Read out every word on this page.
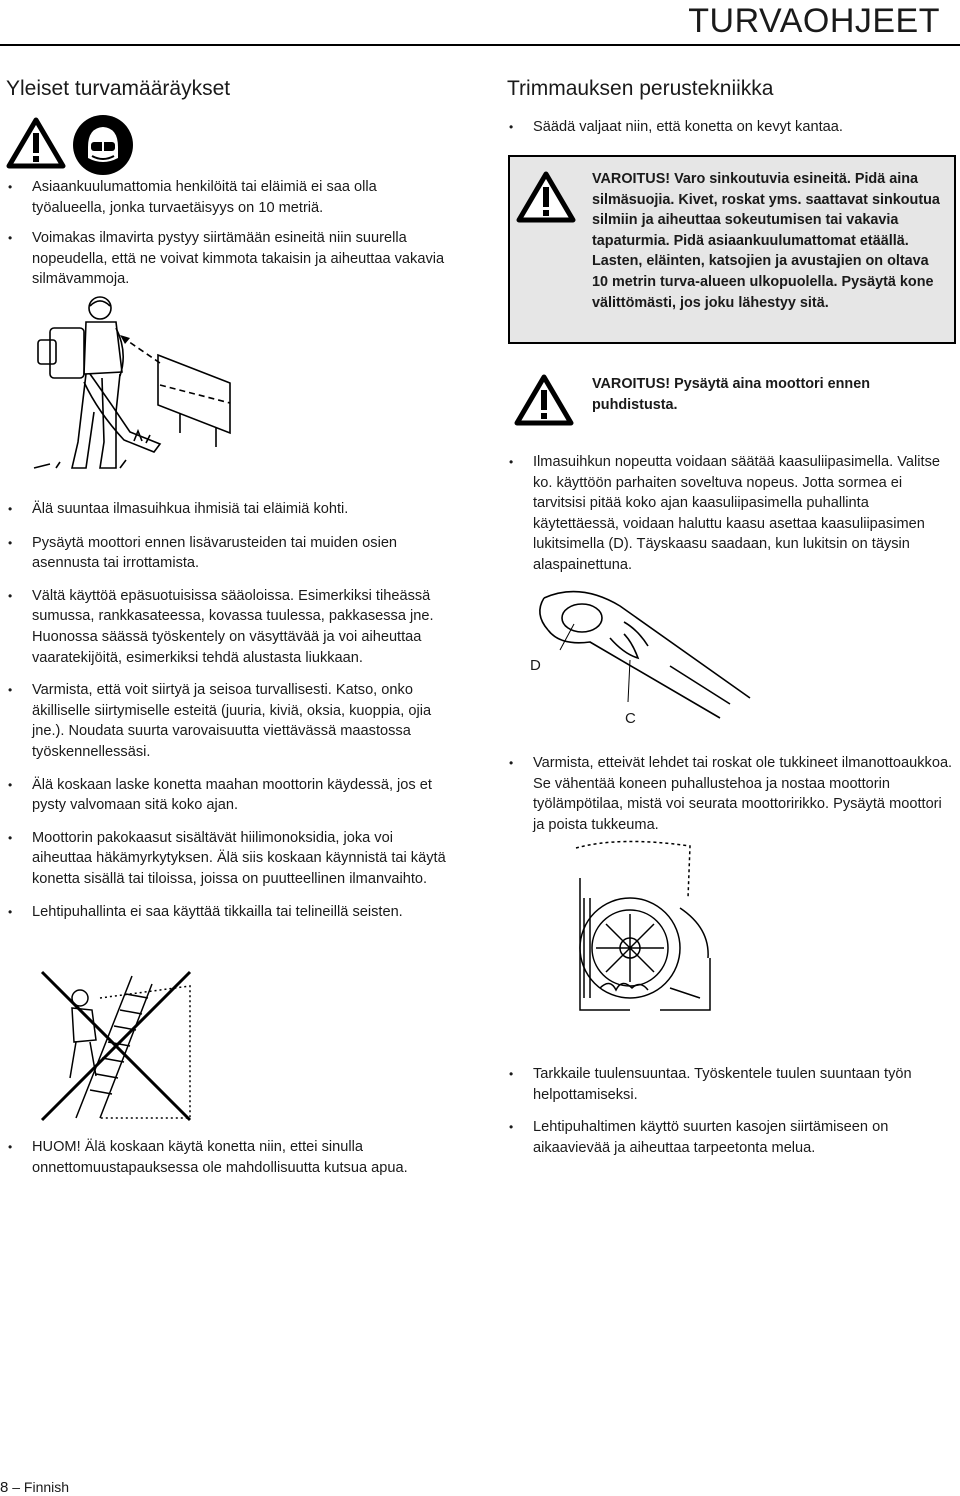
TURVAOHJEET
Yleiset turvamääräykset
• Asiaankuulumattomia henkilöitä tai eläimiä ei saa olla työalueella, jonka turvaetäisyys on 10 metriä.
• Voimakas ilmavirta pystyy siirtämään esineitä niin suurella nopeudella, että ne voivat kimmota takaisin ja aiheuttaa vakavia silmävammoja.
• Älä suuntaa ilmasuihkua ihmisiä tai eläimiä kohti.
• Pysäytä moottori ennen lisävarusteiden tai muiden osien asennusta tai irrottamista.
• Vältä käyttöä epäsuotuisissa sääoloissa. Esimerkiksi tiheässä sumussa, rankkasateessa, kovassa tuulessa, pakkasessa jne. Huonossa säässä työskentely on väsyttävää ja voi aiheuttaa vaaratekijöitä, esimerkiksi tehdä alustasta liukkaan.
• Varmista, että voit siirtyä ja seisoa turvallisesti. Katso, onko äkilliselle siirtymiselle esteitä (juuria, kiviä, oksia, kuoppia, ojia jne.). Noudata suurta varovaisuutta viettävässä maastossa työskennellessäsi.
• Älä koskaan laske konetta maahan moottorin käydessä, jos et pysty valvomaan sitä koko ajan.
• Moottorin pakokaasut sisältävät hiilimonoksidia, joka voi aiheuttaa häkämyrkytyksen. Älä siis koskaan käynnistä tai käytä konetta sisällä tai tiloissa, joissa on puutteellinen ilmanvaihto.
• Lehtipuhallinta ei saa käyttää tikkailla tai telineillä seisten.
• HUOM! Älä koskaan käytä konetta niin, ettei sinulla onnettomuustapauksessa ole mahdollisuutta kutsua apua.
Trimmauksen perustekniikka
• Säädä valjaat niin, että konetta on kevyt kantaa.
VAROITUS! Varo sinkoutuvia esineitä. Pidä aina silmäsuojia. Kivet, roskat yms. saattavat sinkoutua silmiin ja aiheuttaa sokeutumisen tai vakavia tapaturmia. Pidä asiaankuulumattomat etäällä. Lasten, eläinten, katsojien ja avustajien on oltava 10 metrin turva-alueen ulkopuolella. Pysäytä kone välittömästi, jos joku lähestyy sitä.
VAROITUS! Pysäytä aina moottori ennen puhdistusta.
• Ilmasuihkun nopeutta voidaan säätää kaasuliipasimella. Valitse ko. käyttöön parhaiten soveltuva nopeus. Jotta sormea ei tarvitsisi pitää koko ajan kaasuliipasimella puhallinta käytettäessä, voidaan haluttu kaasu asettaa kaasuliipasimen lukitsimella (D). Täyskaasu saadaan, kun lukitsin on täysin alaspainettuna.
D
C
• Varmista, etteivät lehdet tai roskat ole tukkineet ilmanottoaukkoa. Se vähentää koneen puhallustehoa ja nostaa moottorin työlämpötilaa, mistä voi seurata moottoririkko. Pysäytä moottori ja poista tukkeuma.
• Tarkkaile tuulensuuntaa. Työskentele tuulen suuntaan työn helpottamiseksi.
• Lehtipuhaltimen käyttö suurten kasojen siirtämiseen on aikaavievää ja aiheuttaa tarpeetonta melua.
8 – Finnish
